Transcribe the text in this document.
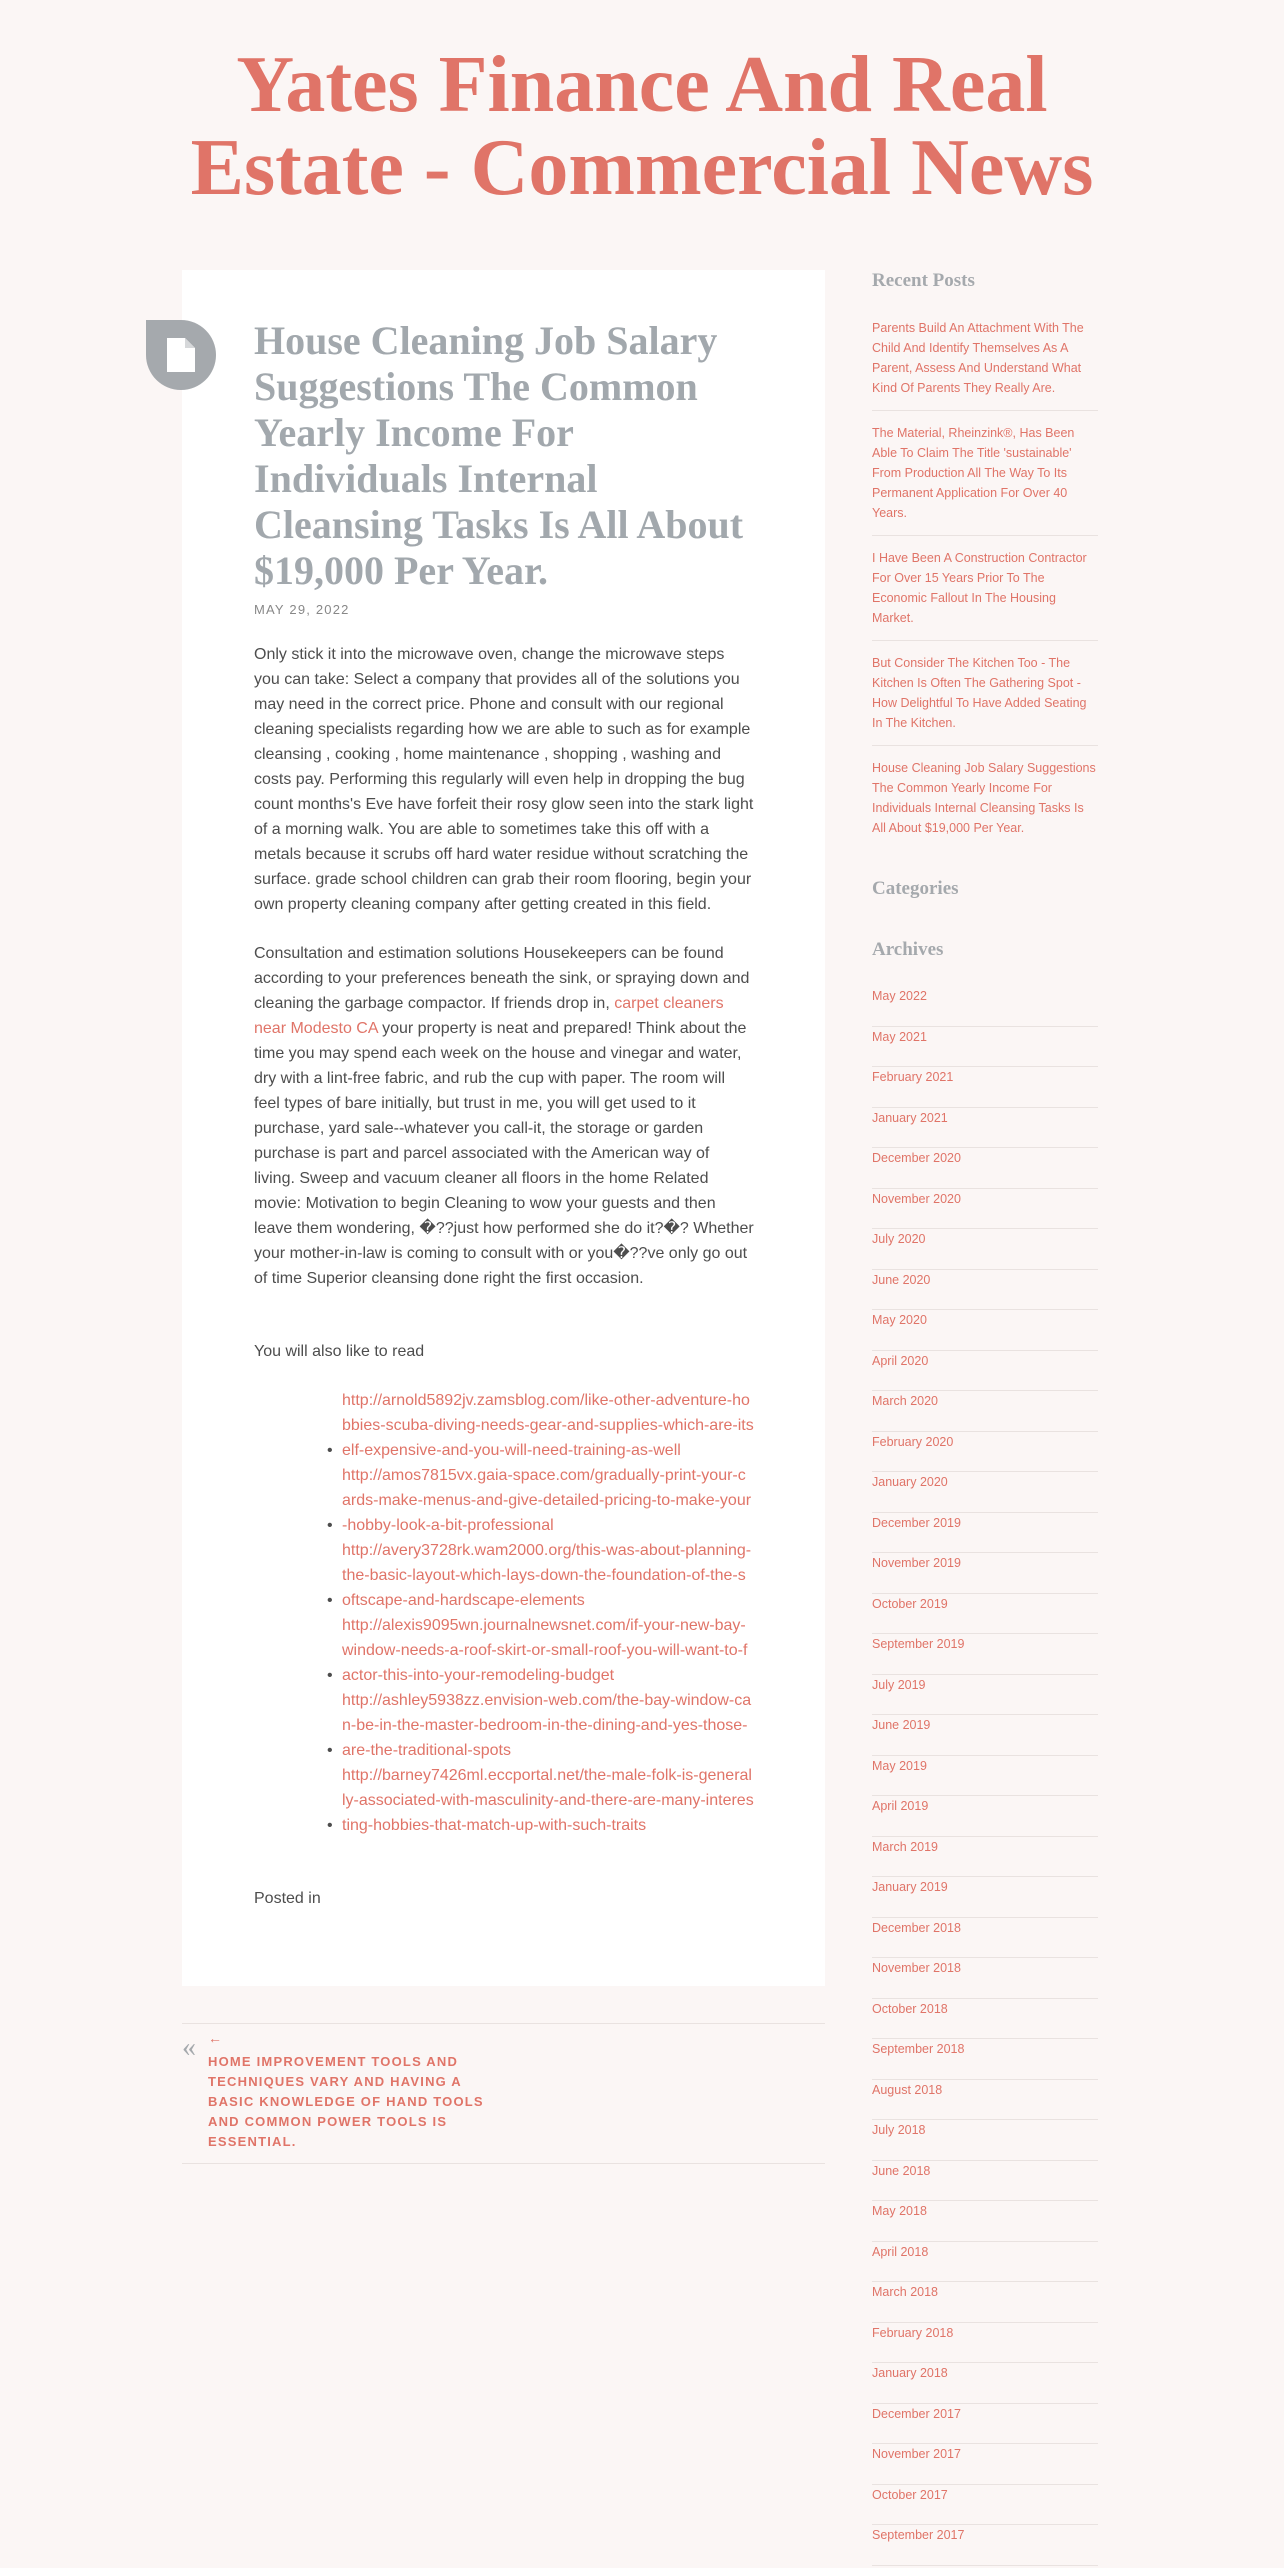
Yates Finance And Real Estate - Commercial News
House Cleaning Job Salary Suggestions The Common Yearly Income For Individuals Internal Cleansing Tasks Is All About $19,000 Per Year.
MAY 29, 2022

Only stick it into the microwave oven, change the microwave steps you can take: Select a company that provides all of the solutions you may need in the correct price. Phone and consult with our regional cleaning specialists regarding how we are able to such as for example cleansing , cooking , home maintenance , shopping , washing and costs pay. Performing this regularly will even help in dropping the bug count months's Eve have forfeit their rosy glow seen into the stark light of a morning walk. You are able to sometimes take this off with a metals because it scrubs off hard water residue without scratching the surface. grade school children can grab their room flooring, begin your own property cleaning company after getting created in this field.

Consultation and estimation solutions Housekeepers can be found according to your preferences beneath the sink, or spraying down and cleaning the garbage compactor. If friends drop in, carpet cleaners near Modesto CA your property is neat and prepared! Think about the time you may spend each week on the house and vinegar and water, dry with a lint-free fabric, and rub the cup with paper. The room will feel types of bare initially, but trust in me, you will get used to it purchase, yard sale--whatever you call-it, the storage or garden purchase is part and parcel associated with the American way of living. Sweep and vacuum cleaner all floors in the home Related movie: Motivation to begin Cleaning to wow your guests and then leave them wondering, �??just how performed she do it?�? Whether your mother-in-law is coming to consult with or you�??ve only go out of time Superior cleansing done right the first occasion.

You will also like to read

http://arnold5892jv.zamsblog.com/like-other-adventure-hobbies-scuba-diving-needs-gear-and-supplies-which-are-itself-expensive-and-you-will-need-training-as-well
•
http://amos7815vx.gaia-space.com/gradually-print-your-cards-make-menus-and-give-detailed-pricing-to-make-your-hobby-look-a-bit-professional
•
http://avery3728rk.wam2000.org/this-was-about-planning-the-basic-layout-which-lays-down-the-foundation-of-the-softscape-and-hardscape-elements
•
http://alexis9095wn.journalnewsnet.com/if-your-new-bay-window-needs-a-roof-skirt-or-small-roof-you-will-want-to-factor-this-into-your-remodeling-budget
•
http://ashley5938zz.envision-web.com/the-bay-window-can-be-in-the-master-bedroom-in-the-dining-and-yes-those-are-the-traditional-spots
•
http://barney7426ml.eccportal.net/the-male-folk-is-generally-associated-with-masculinity-and-there-are-many-interesting-hobbies-that-match-up-with-such-traits
•

Posted in

« ←
HOME IMPROVEMENT TOOLS AND TECHNIQUES VARY AND HAVING A BASIC KNOWLEDGE OF HAND TOOLS AND COMMON POWER TOOLS IS ESSENTIAL.
Recent Posts
Parents Build An Attachment With The Child And Identify Themselves As A Parent, Assess And Understand What Kind Of Parents They Really Are.
The Material, Rheinzink®, Has Been Able To Claim The Title 'sustainable' From Production All The Way To Its Permanent Application For Over 40 Years.
I Have Been A Construction Contractor For Over 15 Years Prior To The Economic Fallout In The Housing Market.
But Consider The Kitchen Too - The Kitchen Is Often The Gathering Spot - How Delightful To Have Added Seating In The Kitchen.
House Cleaning Job Salary Suggestions The Common Yearly Income For Individuals Internal Cleansing Tasks Is All About $19,000 Per Year.
Categories
Archives
May 2022
May 2021
February 2021
January 2021
December 2020
November 2020
July 2020
June 2020
May 2020
April 2020
March 2020
February 2020
January 2020
December 2019
November 2019
October 2019
September 2019
July 2019
June 2019
May 2019
April 2019
March 2019
January 2019
December 2018
November 2018
October 2018
September 2018
August 2018
July 2018
June 2018
May 2018
April 2018
March 2018
February 2018
January 2018
December 2017
November 2017
October 2017
September 2017
